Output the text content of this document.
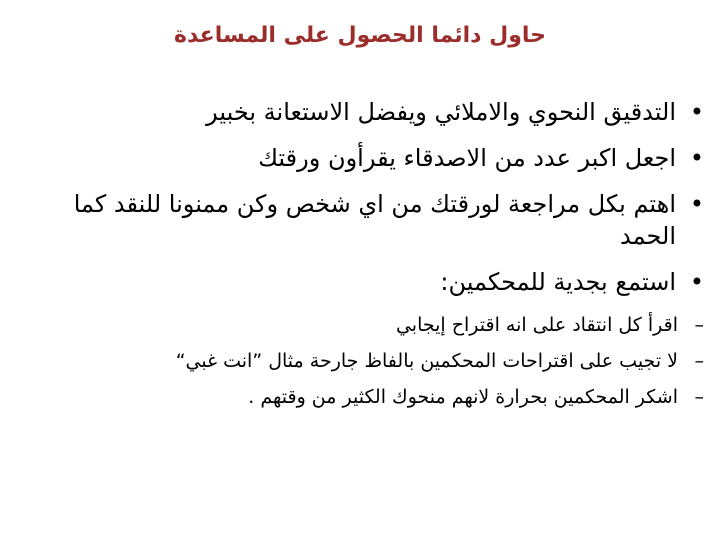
حاول دائما الحصول على المساعدة
•
التدقيق النحوي والاملائي ويفضل الاستعانة بخبير
•
اجعل اكبر عدد من الاصدقاء يقرأون ورقتك
•
اهتم بكل مراجعة لورقتك من اي شخص وكن ممنونا للنقد كما الحمد
•
استمع بجدية للمحكمين:
–
اقرأ كل انتقاد على انه اقتراح إيجابي
–
لا تجيب على اقتراحات المحكمين بالفاظ جارحة مثال ”انت غبي“
–
اشكر المحكمين بحرارة لانهم منحوك الكثير من وقتهم .
